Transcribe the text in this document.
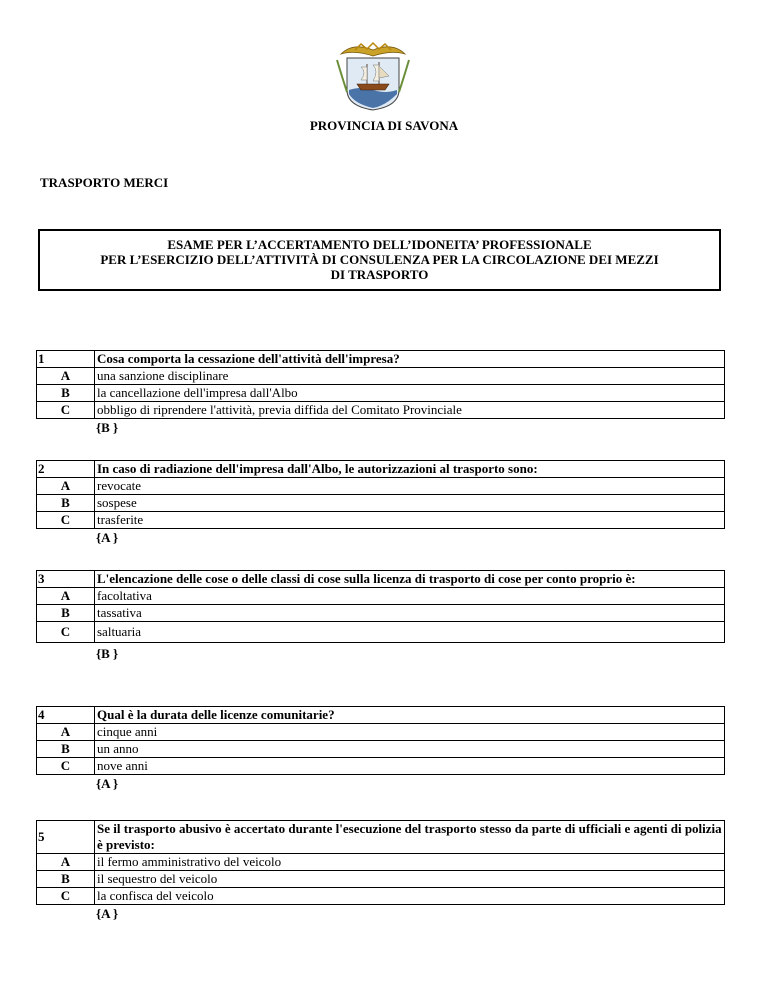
PROVINCIA DI SAVONA
TRASPORTO MERCI
ESAME PER L’ACCERTAMENTO DELL’IDONEITA’ PROFESSIONALE
PER L’ESERCIZIO DELL’ATTIVITÀ DI CONSULENZA PER LA CIRCOLAZIONE DEI MEZZI
DI TRASPORTO
1	Cosa comporta la cessazione dell'attività dell'impresa?
A	una sanzione disciplinare
B	la cancellazione dell'impresa dall'Albo
C	obbligo di riprendere l'attività, previa diffida del Comitato Provinciale
{B }
2	In caso di radiazione dell'impresa dall'Albo, le autorizzazioni al trasporto sono:
A	revocate
B	sospese
C	trasferite
{A }
3	L'elencazione delle cose o delle classi di cose sulla licenza di trasporto di cose per conto proprio è:
A	facoltativa
B	tassativa
C	saltuaria
{B }
4	Qual è la durata delle licenze comunitarie?
A	cinque anni
B	un anno
C	nove anni
{A }
5	Se il trasporto abusivo è accertato durante l'esecuzione del trasporto stesso da parte di ufficiali e agenti di polizia è previsto:
A	il fermo amministrativo del veicolo
B	il sequestro del veicolo
C	la confisca del veicolo
{A }
